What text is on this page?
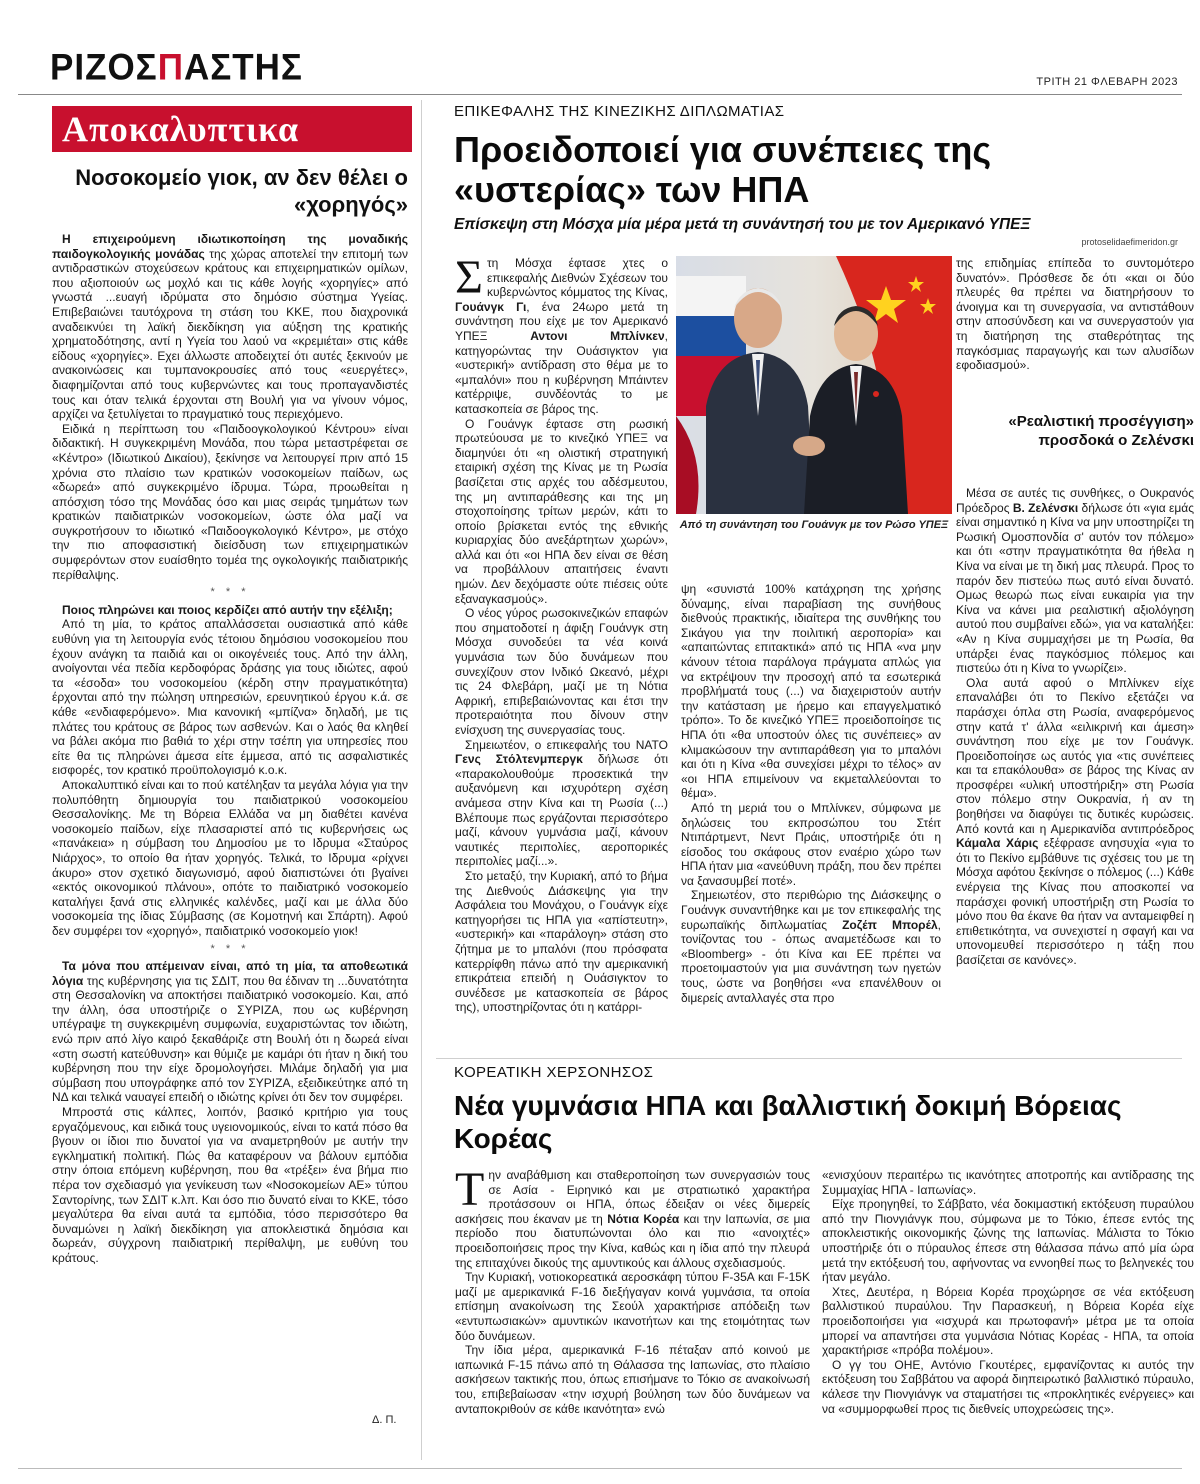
ΡΙΖΟΣΠΑΣΤΗΣ	ΤΡΙΤΗ 21 ΦΛΕΒΑΡΗ 2023
Αποκαλυπτικα
Νοσοκομείο γιοκ, αν δεν θέλει ο «χορηγός»

Η επιχειρούμενη ιδιωτικοποίηση της μοναδικής παιδογκολογικής μονάδας της χώρας αποτελεί την επιτομή των αντιδραστικών στοχεύσεων κράτους και επιχειρηματικών ομίλων, που αξιοποιούν ως μοχλό και τις κάθε λογής «χορηγίες» από γνωστά ...ευαγή ιδρύματα στο δημόσιο σύστημα Υγείας. Επιβεβαιώνει ταυτόχρονα τη στάση του ΚΚΕ, που διαχρονικά αναδεικνύει τη λαϊκή διεκδίκηση για αύξηση της κρατικής χρηματοδότησης, αντί η Υγεία του λαού να «κρεμιέται» στις κάθε είδους «χορηγίες». Εχει άλλωστε αποδειχτεί ότι αυτές ξεκινούν με ανακοινώσεις και τυμπανοκρουσίες από τους «ευεργέτες», διαφημίζονται από τους κυβερνώντες και τους προπαγανδιστές τους και όταν τελικά έρχονται στη Βουλή για να γίνουν νόμος, αρχίζει να ξετυλίγεται το πραγματικό τους περιεχόμενο.

Ειδικά η περίπτωση του «Παιδοογκολογικού Κέντρου» είναι διδακτική. Η συγκεκριμένη Μονάδα, που τώρα μεταστρέφεται σε «Κέντρο» (Ιδιωτικού Δικαίου), ξεκίνησε να λειτουργεί πριν από 15 χρόνια στο πλαίσιο των κρατικών νοσοκομείων παίδων, ως «δωρεά» από συγκεκριμένο ίδρυμα. Τώρα, προωθείται η απόσχιση τόσο της Μονάδας όσο και μιας σειράς τμημάτων των κρατικών παιδιατρικών νοσοκομείων, ώστε όλα μαζί να συγκροτήσουν το ιδιωτικό «Παιδοογκολογικό Κέντρο», με στόχο την πιο αποφασιστική διείσδυση των επιχειρηματικών συμφερόντων στον ευαίσθητο τομέα της ογκολογικής παιδιατρικής περίθαλψης.

* * *

Ποιος πληρώνει και ποιος κερδίζει από αυτήν την εξέλιξη;

Από τη μία, το κράτος απαλλάσσεται ουσιαστικά από κάθε ευθύνη για τη λειτουργία ενός τέτοιου δημόσιου νοσοκομείου που έχουν ανάγκη τα παιδιά και οι οικογένειές τους. Από την άλλη, ανοίγονται νέα πεδία κερδοφόρας δράσης για τους ιδιώτες, αφού τα «έσοδα» του νοσοκομείου (κέρδη στην πραγματικότητα) έρχονται από την πώληση υπηρεσιών, ερευνητικού έργου κ.ά. σε κάθε «ενδιαφερόμενο». Μια κανονική «μπίζνα» δηλαδή, με τις πλάτες του κράτους σε βάρος των ασθενών. Και ο λαός θα κληθεί να βάλει ακόμα πιο βαθιά το χέρι στην τσέπη για υπηρεσίες που είτε θα τις πληρώνει άμεσα είτε έμμεσα, από τις ασφαλιστικές εισφορές, τον κρατικό προϋπολογισμό κ.ο.κ.

Αποκαλυπτικό είναι και το πού κατέληξαν τα μεγάλα λόγια για την πολυπόθητη δημιουργία του παιδιατρικού νοσοκομείου Θεσσαλονίκης. Με τη Βόρεια Ελλάδα να μη διαθέτει κανένα νοσοκομείο παίδων, είχε πλασαριστεί από τις κυβερνήσεις ως «πανάκεια» η σύμβαση του Δημοσίου με το Ιδρυμα «Σταύρος Νιάρχος», το οποίο θα ήταν χορηγός. Τελικά, το Ιδρυμα «ρίχνει άκυρο» στον σχετικό διαγωνισμό, αφού διαπιστώνει ότι βγαίνει «εκτός οικονομικού πλάνου», οπότε το παιδιατρικό νοσοκομείο καταλήγει ξανά στις ελληνικές καλένδες, μαζί και με άλλα δύο νοσοκομεία της ίδιας Σύμβασης (σε Κομοτηνή και Σπάρτη). Αφού δεν συμφέρει τον «χορηγό», παιδιατρικό νοσοκομείο γιοκ!

* * *

Τα μόνα που απέμειναν είναι, από τη μία, τα αποθεωτικά λόγια της κυβέρνησης για τις ΣΔΙΤ, που θα έδιναν τη ...δυνατότητα στη Θεσσαλονίκη να αποκτήσει παιδιατρικό νοσοκομείο. Και, από την άλλη, όσα υποστήριζε ο ΣΥΡΙΖΑ, που ως κυβέρνηση υπέγραψε τη συγκεκριμένη συμφωνία, ευχαριστώντας τον ιδιώτη, ενώ πριν από λίγο καιρό ξεκαθάριζε στη Βουλή ότι η δωρεά είναι «στη σωστή κατεύθυνση» και θύμιζε με καμάρι ότι ήταν η δική του κυβέρνηση που την είχε δρομολογήσει. Μιλάμε δηλαδή για μια σύμβαση που υπογράφηκε από τον ΣΥΡΙΖΑ, εξειδικεύτηκε από τη ΝΔ και τελικά ναυαγεί επειδή ο ιδιώτης κρίνει ότι δεν τον συμφέρει.

Μπροστά στις κάλπες, λοιπόν, βασικό κριτήριο για τους εργαζόμενους, και ειδικά τους υγειονομικούς, είναι το κατά πόσο θα βγουν οι ίδιοι πιο δυνατοί για να αναμετρηθούν με αυτήν την εγκληματική πολιτική. Πώς θα καταφέρουν να βάλουν εμπόδια στην όποια επόμενη κυβέρνηση, που θα «τρέξει» ένα βήμα πιο πέρα τον σχεδιασμό για γενίκευση των «Νοσοκομείων ΑΕ» τύπου Σαντορίνης, των ΣΔΙΤ κ.λπ. Και όσο πιο δυνατό είναι το ΚΚΕ, τόσο μεγαλύτερα θα είναι αυτά τα εμπόδια, τόσο περισσότερο θα δυναμώνει η λαϊκή διεκδίκηση για αποκλειστικά δημόσια και δωρεάν, σύγχρονη παιδιατρική περίθαλψη, με ευθύνη του κράτους.

Δ. Π.
ΕΠΙΚΕΦΑΛΗΣ ΤΗΣ ΚΙΝΕΖΙΚΗΣ ΔΙΠΛΩΜΑΤΙΑΣ
Προειδοποιεί για συνέπειες της «υστερίας» των ΗΠΑ
Επίσκεψη στη Μόσχα μία μέρα μετά τη συνάντησή του με τον Αμερικανό ΥΠΕΞ
protoselidaefimeridon.gr

Στη Μόσχα έφτασε χτες ο επικεφαλής Διεθνών Σχέσεων του κυβερνώντος κόμματος της Κίνας, Γουάνγκ Γι, ένα 24ωρο μετά τη συνάντηση που είχε με τον Αμερικανό ΥΠΕΞ	Αντονι Μπλίνκεν, κατηγορώντας την Ουάσιγκτον για «υστερική» αντίδραση στο θέμα με το «μπαλόνι» που η κυβέρνηση Μπάιντεν κατέρριψε, συνδέοντάς το με κατασκοπεία σε βάρος της.

Ο Γουάνγκ έφτασε στη ρωσική πρωτεύουσα με το κινεζικό ΥΠΕΞ να διαμηνύει ότι «η ολιστική στρατηγική εταιρική σχέση της Κίνας με τη Ρωσία βασίζεται στις αρχές του αδέσμευτου, της μη αντιπαράθεσης και της μη στοχοποίησης τρίτων μερών, κάτι το οποίο βρίσκεται εντός της εθνικής κυριαρχίας δύο ανεξάρτητων χωρών», αλλά και ότι «οι ΗΠΑ δεν είναι σε θέση να προβάλλουν απαιτήσεις έναντι ημών. Δεν δεχόμαστε ούτε πιέσεις ούτε εξαναγκασμούς».

Ο νέος γύρος ρωσοκινεζικών επαφών που σηματοδοτεί η άφιξη Γουάνγκ στη Μόσχα συνοδεύει τα νέα κοινά γυμνάσια των δύο δυνάμεων που συνεχίζουν στον Ινδικό Ωκεανό, μέχρι τις 24 Φλεβάρη, μαζί με τη Νότια Αφρική, επιβεβαιώνοντας και έτσι την προτεραιότητα που δίνουν στην ενίσχυση της συνεργασίας τους.

Σημειωτέον, ο επικεφαλής του ΝΑΤΟ Γενς Στόλτενμπεργκ δήλωσε ότι «παρακολουθούμε προσεκτικά την αυξανόμενη και ισχυρότερη σχέση ανάμεσα στην Κίνα και τη Ρωσία (...) Βλέπουμε πως εργάζονται περισσότερο μαζί, κάνουν γυμνάσια μαζί, κάνουν ναυτικές περιπολίες, αεροπορικές περιπολίες μαζί...».

Στο μεταξύ, την Κυριακή, από το βήμα της Διεθνούς Διάσκεψης για την Ασφάλεια του Μονάχου, ο Γουάνγκ είχε κατηγορήσει τις ΗΠΑ για «απίστευτη», «υστερική» και «παράλογη» στάση στο ζήτημα με το μπαλόνι (που πρόσφατα κατερρίφθη πάνω από την αμερικανική επικράτεια επειδή η Ουάσιγκτον το συνέδεσε με κατασκοπεία σε βάρος της), υποστηρίζοντας ότι η κατάρρι-

Από τη συνάντηση του Γουάνγκ με τον Ρώσο ΥΠΕΞ

ψη «συνιστά 100% κατάχρηση της χρήσης δύναμης, είναι παραβίαση της συνήθους διεθνούς πρακτικής, ιδιαίτερα της συνθήκης του Σικάγου για την ποιλιτική αεροπορία» και «απαιτώντας επιτακτικά» από τις ΗΠΑ «να μην κάνουν τέτοια παράλογα πράγματα απλώς για να εκτρέψουν την προσοχή από τα εσωτερικά προβλήματά τους (...) να διαχειριστούν αυτήν την κατάσταση με ήρεμο και επαγγελματικό τρόπο». Το δε κινεζικό ΥΠΕΞ προειδοποίησε τις ΗΠΑ ότι «θα υποστούν όλες τις συνέπειες» αν κλιμακώσουν την αντιπαράθεση για το μπαλόνι και ότι η Κίνα «θα συνεχίσει μέχρι το τέλος» αν «οι ΗΠΑ επιμείνουν να εκμεταλλεύονται το θέμα».

Από τη μεριά του ο Μπλίνκεν, σύμφωνα με δηλώσεις του εκπροσώπου του Στέιτ Ντιπάρτμεντ, Νεντ Πράις, υποστήριξε ότι η είσοδος του σκάφους στον εναέριο χώρο των ΗΠΑ ήταν μια «ανεύθυνη πράξη, που δεν πρέπει να ξανασυμβεί ποτέ».

Σημειωτέον, στο περιθώριο της Διάσκεψης ο Γουάνγκ συναντήθηκε και με τον επικεφαλής της ευρωπαϊκής διπλωματίας Ζοζέπ Μπορέλ, τονίζοντας του - όπως αναμετέδωσε και το «Bloomberg» - ότι Κίνα και ΕΕ πρέπει να προετοιμαστούν για μια συνάντηση των ηγετών τους, ώστε να βοηθήσει «να επανέλθουν οι διμερείς ανταλλαγές στα προ

της επιδημίας επίπεδα το συντομότερο δυνατόν». Πρόσθεσε δε ότι «και οι δύο πλευρές θα πρέπει να διατηρήσουν το άνοιγμα και τη συνεργασία, να αντιστάθουν στην αποσύνδεση και να συνεργαστούν για τη διατήρηση της σταθερότητας της παγκόσμιας παραγωγής και των αλυσίδων εφοδιασμού».

«Ρεαλιστική προσέγγιση» προσδοκά ο Ζελένσκι

Μέσα σε αυτές τις συνθήκες, ο Ουκρανός Πρόεδρος Β. Ζελένσκι δήλωσε ότι «για εμάς είναι σημαντικό η Κίνα να μην υποστηρίζει τη Ρωσική Ομοσπονδία σ' αυτόν τον πόλεμο» και ότι «στην πραγματικότητα θα ήθελα η Κίνα να είναι με τη δική μας πλευρά. Προς το παρόν δεν πιστεύω πως αυτό είναι δυνατό. Ομως θεωρώ πως είναι ευκαιρία για την Κίνα να κάνει μια ρεαλιστική αξιολόγηση αυτού που συμβαίνει εδώ», για να καταλήξει: «Αν η Κίνα συμμαχήσει με τη Ρωσία, θα υπάρξει ένας παγκόσμιος πόλεμος και πιστεύω ότι η Κίνα το γνωρίζει».

Ολα αυτά αφού ο Μπλίνκεν είχε επαναλάβει ότι το Πεκίνο εξετάζει να παράσχει όπλα στη Ρωσία, αναφερόμενος στην κατά τ' άλλα «ειλικρινή και άμεση» συνάντηση που είχε με τον Γουάνγκ. Προειδοποίησε ως αυτός για «τις συνέπειες και τα επακόλουθα» σε βάρος της Κίνας αν προσφέρει «υλική υποστήριξη» στη Ρωσία στον πόλεμο στην Ουκρανία, ή αν τη βοηθήσει να διαφύγει τις δυτικές κυρώσεις. Από κοντά και η Αμερικανίδα αντιπρόεδρος Κάμαλα Χάρις εξέφρασε ανησυχία «για το ότι το Πεκίνο εμβάθυνε τις σχέσεις του με τη Μόσχα αφότου ξεκίνησε ο πόλεμος (...) Κάθε ενέργεια της Κίνας που αποσκοπεί να παράσχει φονική υποστήριξη στη Ρωσία το μόνο που θα έκανε θα ήταν να ανταμειφθεί η επιθετικότητα, να συνεχιστεί η σφαγή και να υπονομευθεί περισσότερο η τάξη που βασίζεται σε κανόνες».

ΚΟΡΕΑΤΙΚΗ ΧΕΡΣΟΝΗΣΟΣ
Νέα γυμνάσια ΗΠΑ και βαλλιστική δοκιμή Βόρειας Κορέας

Την αναβάθμιση και σταθεροποίηση των συνεργασιών τους σε Ασία - Ειρηνικό και με στρατιωτικό χαρακτήρα προτάσσουν οι ΗΠΑ, όπως έδειξαν οι νέες διμερείς ασκήσεις που έκαναν με τη Νότια Κορέα και την Ιαπωνία, σε μια περίοδο που διατυπώνονται όλο και πιο «ανοιχτές» προειδοποιήσεις προς την Κίνα, καθώς και η ίδια από την πλευρά της επιταχύνει δικούς της αμυντικούς και άλλους σχεδιασμούς.

Την Κυριακή, νοτιοκορεατικά αεροσκάφη τύπου F-35A και F-15K μαζί με αμερικανικά F-16 διεξήγαγαν κοινά γυμνάσια, τα οποία επίσημη ανακοίνωση της Σεούλ χαρακτήρισε απόδειξη των «εντυπωσιακών» αμυντικών ικανοτήτων και της ετοιμότητας των δύο δυνάμεων.

Την ίδια μέρα, αμερικανικά F-16 πέταξαν από κοινού με ιαπωνικά F-15 πάνω από τη Θάλασσα της Ιαπωνίας, στο πλαίσιο ασκήσεων τακτικής που, όπως επισήμανε το Τόκιο σε ανακοίνωσή του, επιβεβαίωσαν «την ισχυρή βούληση των δύο δυνάμεων να ανταποκριθούν σε κάθε ικανότητα» ενώ

«ενισχύουν περαιτέρω τις ικανότητες αποτροπής και αντίδρασης της Συμμαχίας ΗΠΑ - Ιαπωνίας».

Είχε προηγηθεί, το Σάββατο, νέα δοκιμαστική εκτόξευση πυραύλου από την Πιονγιάνγκ που, σύμφωνα με το Τόκιο, έπεσε εντός της αποκλειστικής οικονομικής ζώνης της Ιαπωνίας. Μάλιστα το Τόκιο υποστήριξε ότι ο πύραυλος έπεσε στη θάλασσα πάνω από μία ώρα μετά την εκτόξευσή του, αφήνοντας να εννοηθεί πως το βεληνεκές του ήταν μεγάλο.

Χτες, Δευτέρα, η Βόρεια Κορέα προχώρησε σε νέα εκτόξευση βαλλιστικού πυραύλου. Την Παρασκευή, η Βόρεια Κορέα είχε προειδοποιήσει για «ισχυρά και πρωτοφανή» μέτρα με τα οποία μπορεί να απαντήσει στα γυμνάσια Νότιας Κορέας - ΗΠΑ, τα οποία χαρακτήρισε «πρόβα πολέμου».

Ο γγ του ΟΗΕ, Αντόνιο Γκουτέρες, εμφανίζοντας κι αυτός την εκτόξευση του Σαββάτου να αφορά διηπειρωτικό βαλλιστικό πύραυλο, κάλεσε την Πιονγιάνγκ να σταματήσει τις «προκλητικές ενέργειες» και να «συμμορφωθεί προς τις διεθνείς υποχρεώσεις της».
